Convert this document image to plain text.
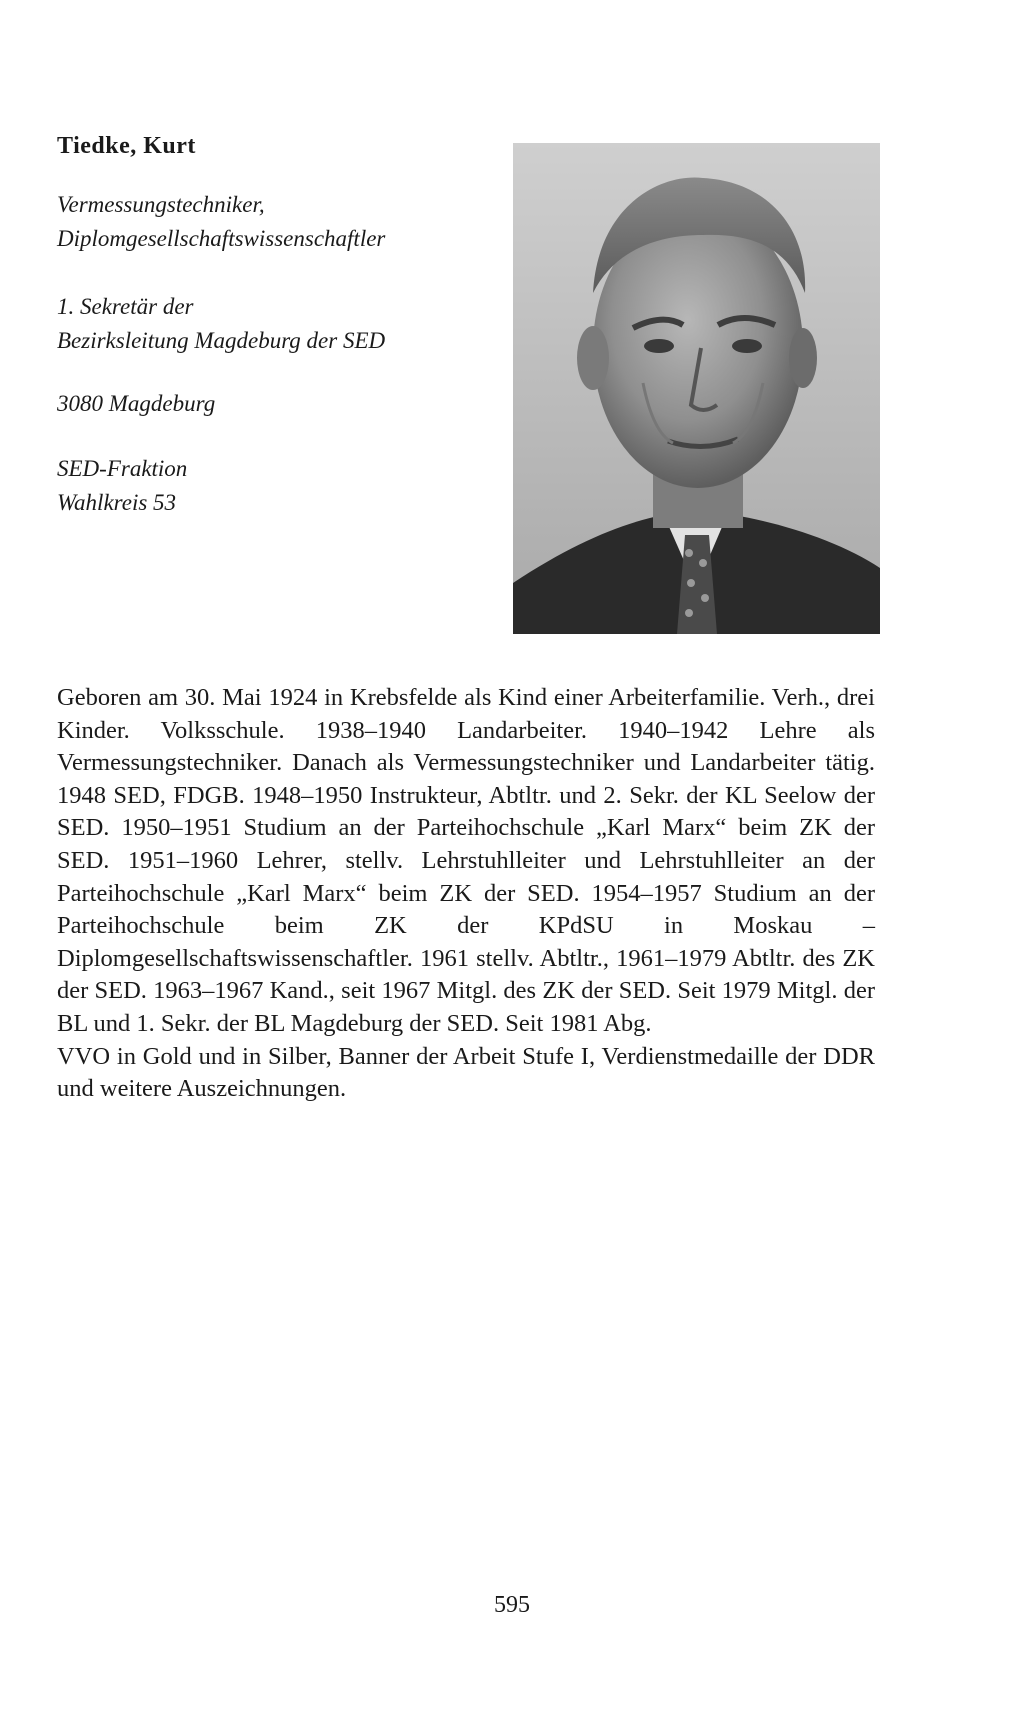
Tiedke, Kurt
Vermessungstechniker,
Diplomgesellschaftswissenschaftler
1. Sekretär der
Bezirksleitung Magdeburg der SED
3080 Magdeburg
SED-Fraktion
Wahlkreis 53

Geboren am 30. Mai 1924 in Krebsfelde als Kind einer Arbeiterfamilie. Verh., drei Kinder. Volksschule. 1938–1940 Landarbeiter. 1940–1942 Lehre als Vermessungstechniker. Danach als Vermessungstechniker und Landarbeiter tätig. 1948 SED, FDGB. 1948–1950 Instrukteur, Abtltr. und 2. Sekr. der KL Seelow der SED. 1950–1951 Studium an der Parteihochschule „Karl Marx“ beim ZK der SED. 1951–1960 Lehrer, stellv. Lehrstuhlleiter und Lehrstuhlleiter an der Parteihochschule „Karl Marx“ beim ZK der SED. 1954–1957 Studium an der Parteihochschule beim ZK der KPdSU in Moskau – Diplomgesellschaftswissenschaftler. 1961 stellv. Abtltr., 1961–1979 Abtltr. des ZK der SED. 1963–1967 Kand., seit 1967 Mitgl. des ZK der SED. Seit 1979 Mitgl. der BL und 1. Sekr. der BL Magdeburg der SED. Seit 1981 Abg.

VVO in Gold und in Silber, Banner der Arbeit Stufe I, Verdienstmedaille der DDR und weitere Auszeichnungen.

595
